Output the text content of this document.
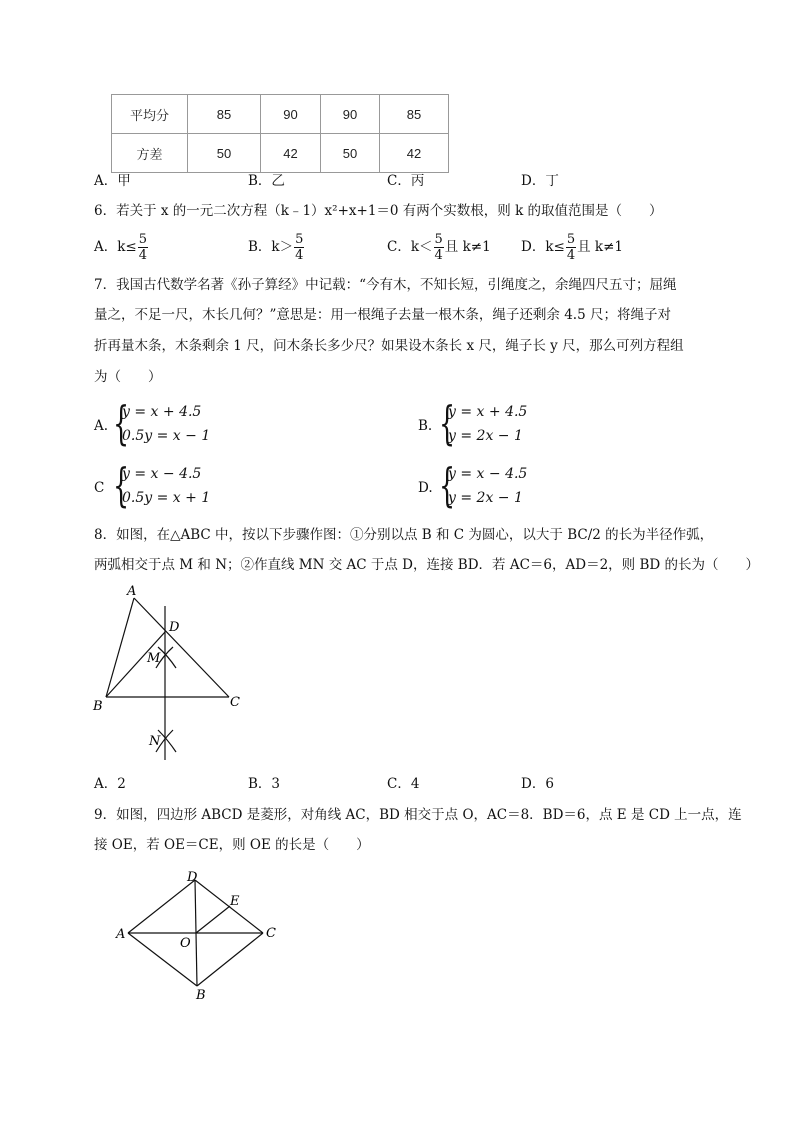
平均分	85	90	90	85
方差	50	42	50	42
A．甲	B．乙	C．丙	D．丁
6．若关于 x 的一元二次方程（k﹣1）x²+x+1＝0 有两个实数根，则 k 的取值范围是（　　）
A．$k\le \frac{5}{4}$	B．$k> \frac{5}{4}$	C．$k< \frac{5}{4}$ 且 k≠1 D．$k\le \frac{5}{4}$ 且 k≠1
7．我国古代数学名著《孙子算经》中记载：“今有木，不知长短，引绳度之，余绳四尺五寸；屈绳
量之，不足一尺，木长几何？”意思是：用一根绳子去量一根木条，绳子还剩余 4.5 尺；将绳子对
折再量木条，木条剩余 1 尺，问木条长多少尺？如果设木条长 x 尺，绳子长 y 尺，那么可列方程组
为（　　）
A. {
y = x + 4.5
0.5y = x − 1
B. {
y = x + 4.5
y = 2x − 1
C {
y = x − 4.5
0.5y = x + 1
D. {
y = x − 4.5
y = 2x − 1
8．如图，在△ABC 中，按以下步骤作图：①分别以点 B 和 C 为圆心，以大于 BC/2 的长为半径作弧，
两弧相交于点 M 和 N；②作直线 MN 交 AC 于点 D，连接 BD．若 AC＝6，AD＝2，则 BD 的长为（　　）
A
B	C
D
M
N
A
B
C
D
E
O
A．2	B．3	C．4	D．6
9．如图，四边形 ABCD 是菱形，对角线 AC，BD 相交于点 O，AC＝8．BD＝6，点 E 是 CD 上一点，连
接 OE，若 OE＝CE，则 OE 的长是（　　）
